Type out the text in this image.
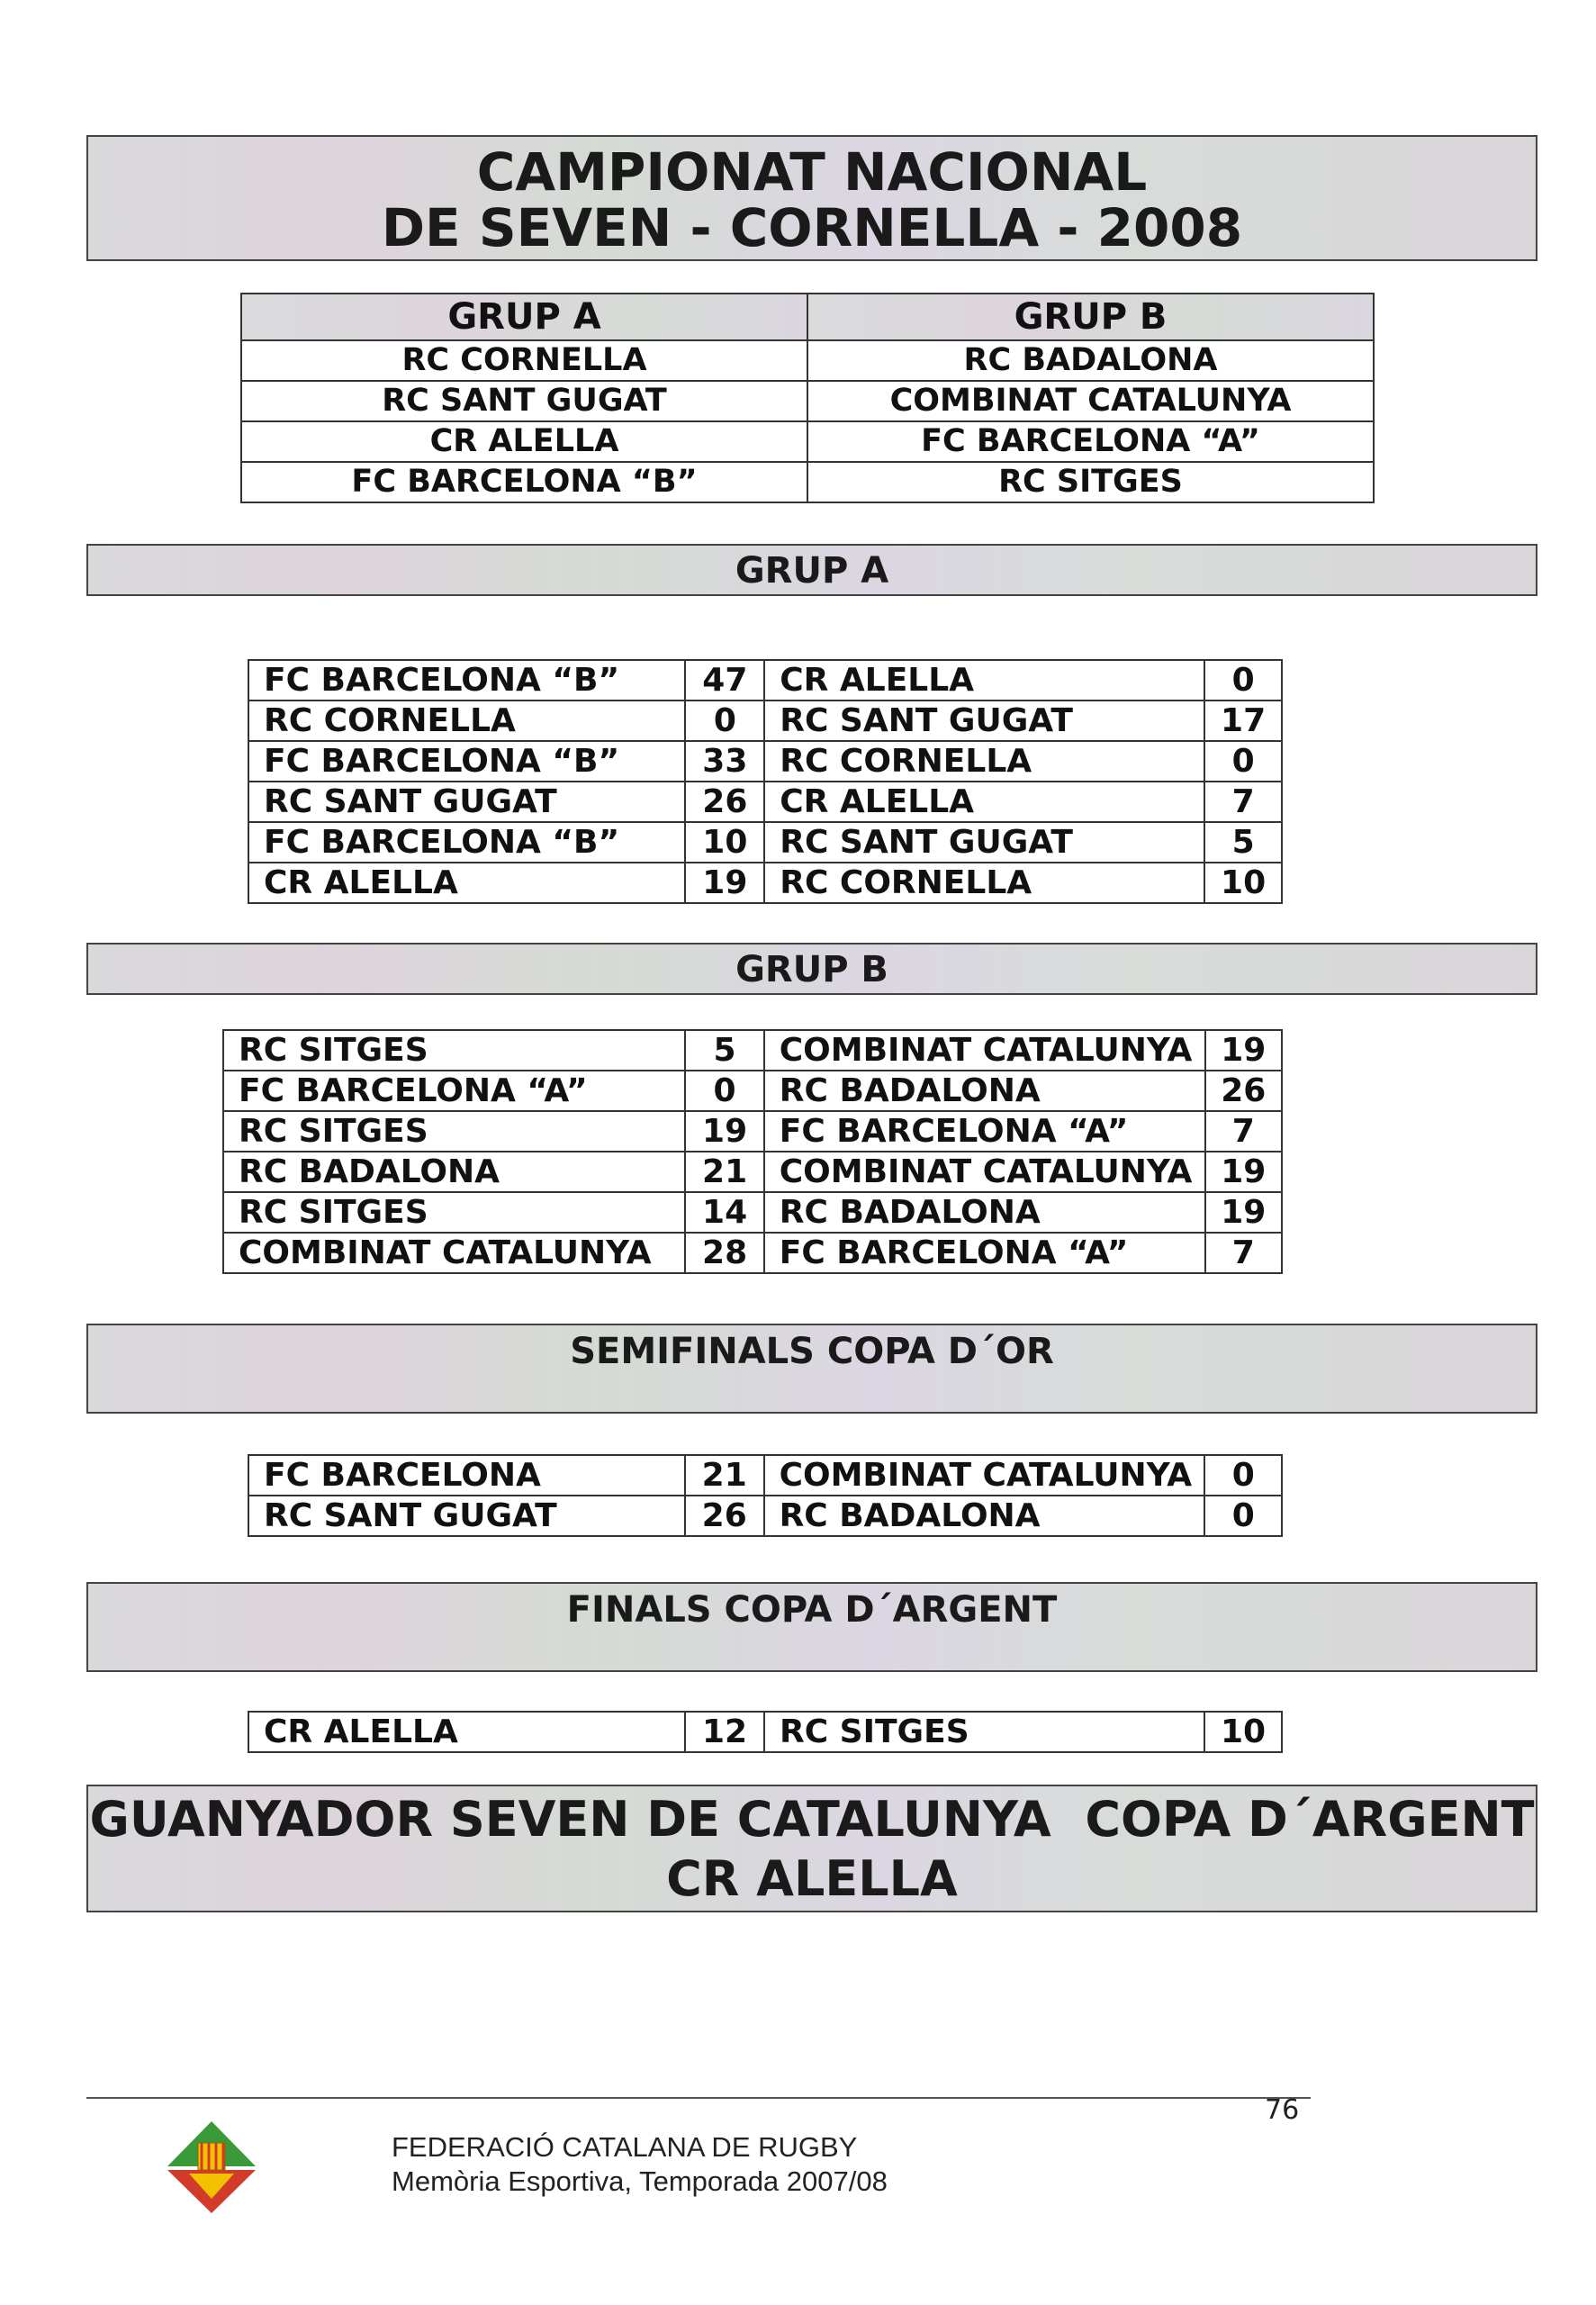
CAMPIONAT NACIONAL
DE SEVEN - CORNELLA - 2008
GRUP A	GRUP B
RC CORNELLA	RC BADALONA
RC SANT GUGAT	COMBINAT CATALUNYA
CR ALELLA	FC BARCELONA “A”
FC BARCELONA “B”	RC SITGES
GRUP A
FC BARCELONA “B”	47	CR ALELLA	0
RC CORNELLA	0	RC SANT GUGAT	17
FC BARCELONA “B”	33	RC CORNELLA	0
RC SANT GUGAT	26	CR ALELLA	7
FC BARCELONA “B”	10	RC SANT GUGAT	5
CR ALELLA	19	RC CORNELLA	10
GRUP B
RC SITGES	5	COMBINAT CATALUNYA	19
FC BARCELONA “A”	0	RC BADALONA	26
RC SITGES	19	FC BARCELONA “A”	7
RC BADALONA	21	COMBINAT CATALUNYA	19
RC SITGES	14	RC BADALONA	19
COMBINAT CATALUNYA	28	FC BARCELONA “A”	7
SEMIFINALS COPA D´OR
FC BARCELONA	21	COMBINAT CATALUNYA	0
RC SANT GUGAT	26	RC BADALONA	0
FINALS COPA D´ARGENT
CR ALELLA	12	RC SITGES	10
GUANYADOR SEVEN DE CATALUNYA  COPA D´ARGENT
CR ALELLA
76
FEDERACIÓ CATALANA DE RUGBY
Memòria Esportiva, Temporada 2007/08
